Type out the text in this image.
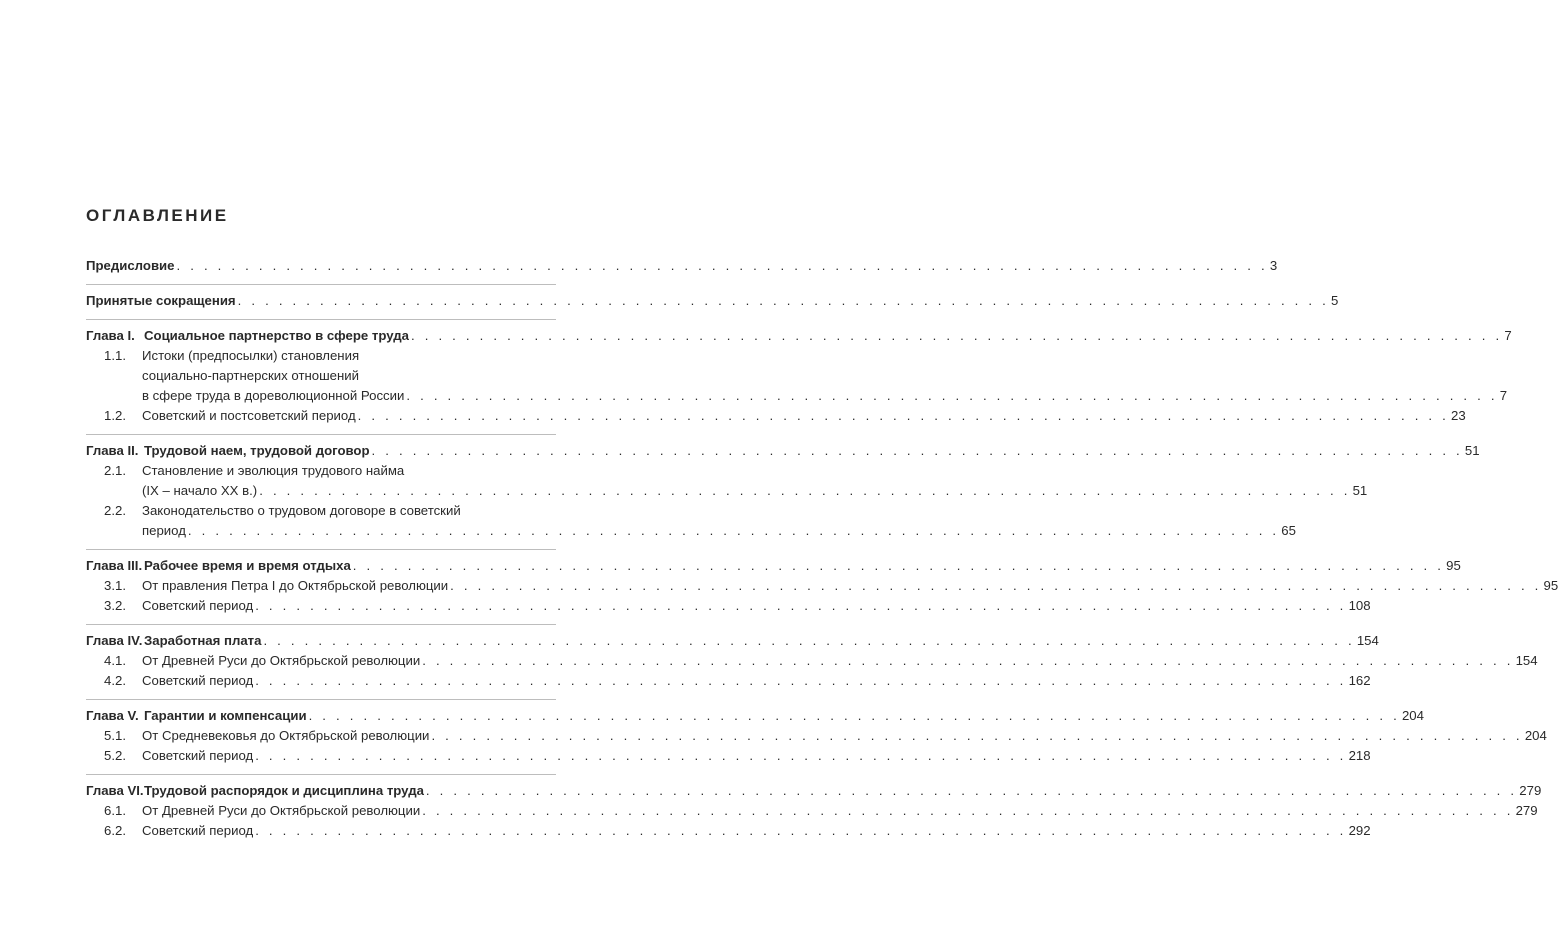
ОГЛАВЛЕНИЕ
Предисловие . . . . . . . . . . . . . . . . . . . . . . . . . . . . . . . . . . . . . . . . . . . . . . . . . . . . . . . . . . . . . . . . . . . . . . . . . . . . . . . . 3
Принятые сокращения . . . . . . . . . . . . . . . . . . . . . . . . . . . . . . . . . . . . . . . . . . . . . . . . . . . . . . . . . . . . . . . . . . . . . . . . . . . . . . . . 5
Глава I. Социальное партнерство в сфере труда . . . . . . . . . . . . . . . . . . . . . . . . . . . . . . . . . . . . . . . . . . . . . . . . . . . . . . . . . . . . . . . . . . . . . . . . . . . . . . . . 7
1.1.	Истоки (предпосылки) становления
социально-партнерских отношений
в сфере труда в дореволюционной России . . . . . . . . . . . . . . . . . . . . . . . . . . . . . . . . . . . . . . . . . . . . . . . . . . . . . . . . . . . . . . . . . . . . . . . . . . . . . . . . 7
1.2.	Советский и постсоветский период . . . . . . . . . . . . . . . . . . . . . . . . . . . . . . . . . . . . . . . . . . . . . . . . . . . . . . . . . . . . . . . . . . . . . . . . . . . . . . . . 23
Глава II. Трудовой наем, трудовой договор . . . . . . . . . . . . . . . . . . . . . . . . . . . . . . . . . . . . . . . . . . . . . . . . . . . . . . . . . . . . . . . . . . . . . . . . . . . . . . . . 51
2.1.	Становление и эволюция трудового найма
(IX – начало XX в.) . . . . . . . . . . . . . . . . . . . . . . . . . . . . . . . . . . . . . . . . . . . . . . . . . . . . . . . . . . . . . . . . . . . . . . . . . . . . . . . . 51
2.2.	Законодательство о трудовом договоре в советский
период . . . . . . . . . . . . . . . . . . . . . . . . . . . . . . . . . . . . . . . . . . . . . . . . . . . . . . . . . . . . . . . . . . . . . . . . . . . . . . . . 65
Глава III. Рабочее время и время отдыха . . . . . . . . . . . . . . . . . . . . . . . . . . . . . . . . . . . . . . . . . . . . . . . . . . . . . . . . . . . . . . . . . . . . . . . . . . . . . . . . 95
3.1.	От правления Петра I до Октябрьской революции . . . . . . . . . . . . . . . . . . . . . . . . . . . . . . . . . . . . . . . . . . . . . . . . . . . . . . . . . . . . . . . . . . . . . . . . . . . . . . . . 95
3.2.	Советский период . . . . . . . . . . . . . . . . . . . . . . . . . . . . . . . . . . . . . . . . . . . . . . . . . . . . . . . . . . . . . . . . . . . . . . . . . . . . . . . . 108
Глава IV. Заработная плата . . . . . . . . . . . . . . . . . . . . . . . . . . . . . . . . . . . . . . . . . . . . . . . . . . . . . . . . . . . . . . . . . . . . . . . . . . . . . . . . 154
4.1.	От Древней Руси до Октябрьской революции . . . . . . . . . . . . . . . . . . . . . . . . . . . . . . . . . . . . . . . . . . . . . . . . . . . . . . . . . . . . . . . . . . . . . . . . . . . . . . . . 154
4.2.	Советский период . . . . . . . . . . . . . . . . . . . . . . . . . . . . . . . . . . . . . . . . . . . . . . . . . . . . . . . . . . . . . . . . . . . . . . . . . . . . . . . . 162
Глава V. Гарантии и компенсации . . . . . . . . . . . . . . . . . . . . . . . . . . . . . . . . . . . . . . . . . . . . . . . . . . . . . . . . . . . . . . . . . . . . . . . . . . . . . . . . 204
5.1.	От Средневековья до Октябрьской революции . . . . . . . . . . . . . . . . . . . . . . . . . . . . . . . . . . . . . . . . . . . . . . . . . . . . . . . . . . . . . . . . . . . . . . . . . . . . . . . . 204
5.2.	Советский период . . . . . . . . . . . . . . . . . . . . . . . . . . . . . . . . . . . . . . . . . . . . . . . . . . . . . . . . . . . . . . . . . . . . . . . . . . . . . . . . 218
Глава VI. Трудовой распорядок и дисциплина труда . . . . . . . . . . . . . . . . . . . . . . . . . . . . . . . . . . . . . . . . . . . . . . . . . . . . . . . . . . . . . . . . . . . . . . . . . . . . . . . . 279
6.1.	От Древней Руси до Октябрьской революции . . . . . . . . . . . . . . . . . . . . . . . . . . . . . . . . . . . . . . . . . . . . . . . . . . . . . . . . . . . . . . . . . . . . . . . . . . . . . . . . 279
6.2.	Советский период . . . . . . . . . . . . . . . . . . . . . . . . . . . . . . . . . . . . . . . . . . . . . . . . . . . . . . . . . . . . . . . . . . . . . . . . . . . . . . . . 292
